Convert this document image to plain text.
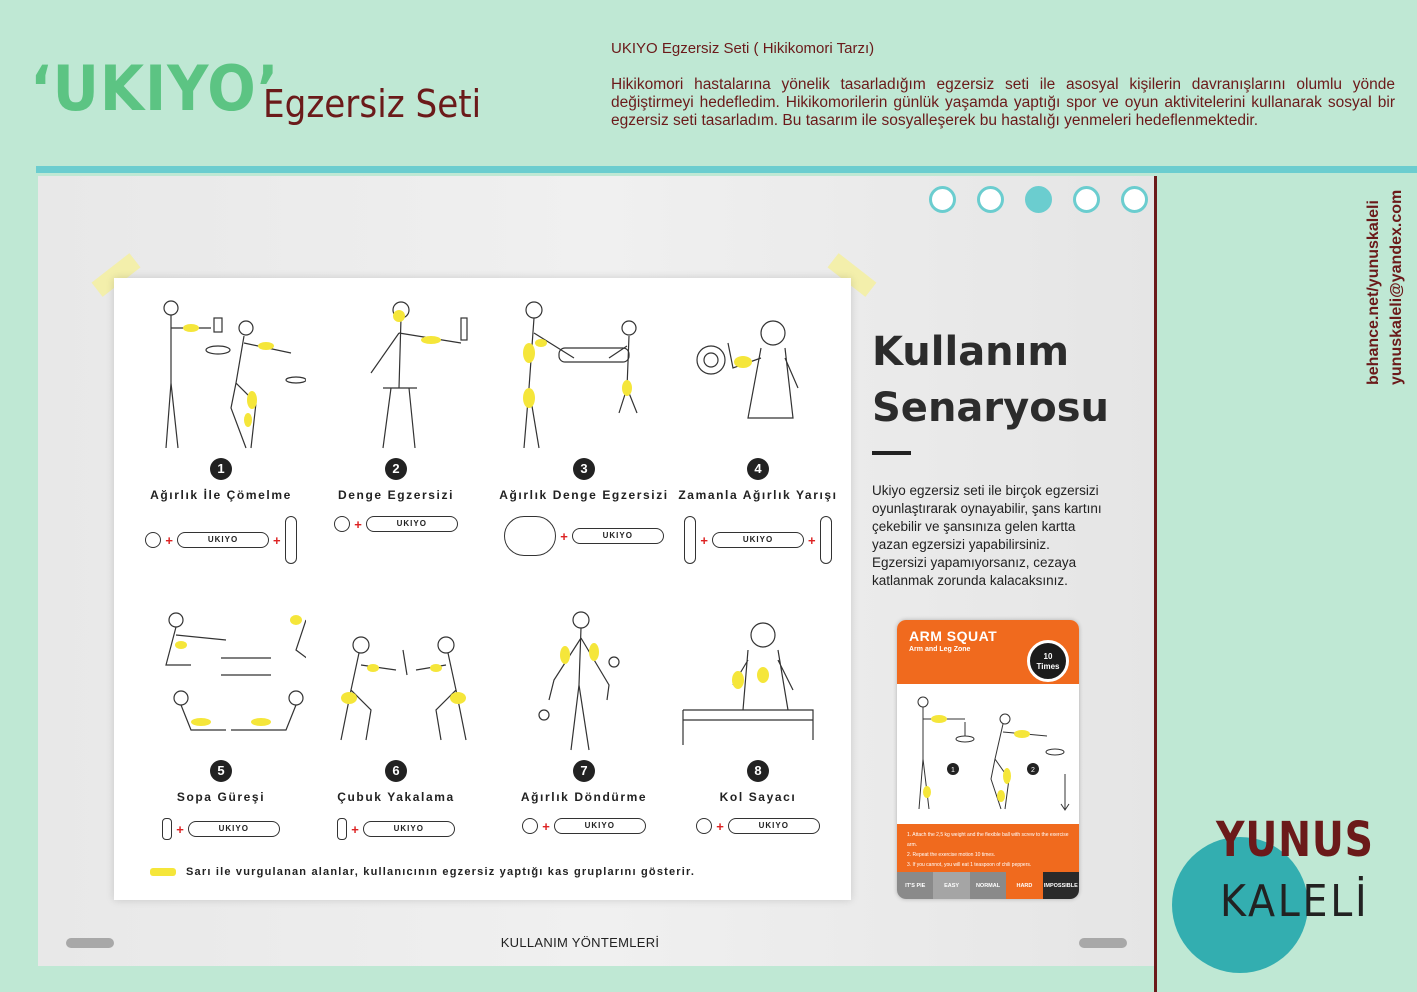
‘UKIYO’
Egzersiz Seti
UKIYO Egzersiz Seti ( Hikikomori Tarzı)
Hikikomori hastalarına yönelik tasarladığım egzersiz seti ile asosyal kişilerin davranışlarını olumlu yönde değiştirmeyi hedefledim. Hikikomorilerin günlük yaşamda yaptığı spor ve oyun aktivitelerini kullanarak sosyal bir egzersiz seti tasarladım. Bu tasarım ile sosyalleşerek bu hastalığı yenmeleri hedeflenmektedir.
behance.net/yunuskaleli yunuskaleli@yandex.com
1
Ağırlık İle Çömelme
+	UKIYO	+
2
Denge Egzersizi
+	UKIYO
3
Ağırlık Denge Egzersizi
+	UKIYO
4
Zamanla Ağırlık Yarışı
+	UKIYO	+
5
Sopa Güreşi
+	UKIYO
6
Çubuk Yakalama
+	UKIYO
7
Ağırlık Döndürme
+	UKIYO
8
Kol Sayacı
+	UKIYO
Sarı ile vurgulanan alanlar, kullanıcının egzersiz yaptığı kas gruplarını gösterir.
Kullanım
Senaryosu
Ukiyo egzersiz seti ile birçok egzersizi oyunlaştırarak oynayabilir, şans kartını çekebilir ve şansınıza gelen kartta yazan egzersizi yapabilirsiniz. Egzersizi yapamıyorsanız, cezaya katlanmak zorunda kalacaksınız.
ARM SQUAT
Arm and Leg Zone
1	2
1. Attach the 2,5 kg weight and the flexible ball with screw to the exercise arm.
2. Repeat the exercise motion 10 times.
3. If you cannot, you will eat 1 teaspoon of chili peppers.
IT'S PIE	EASY	NORMAL	HARD	IMPOSSIBLE
10
Times
KULLANIM YÖNTEMLERİ
YUNUS
KALELİ
